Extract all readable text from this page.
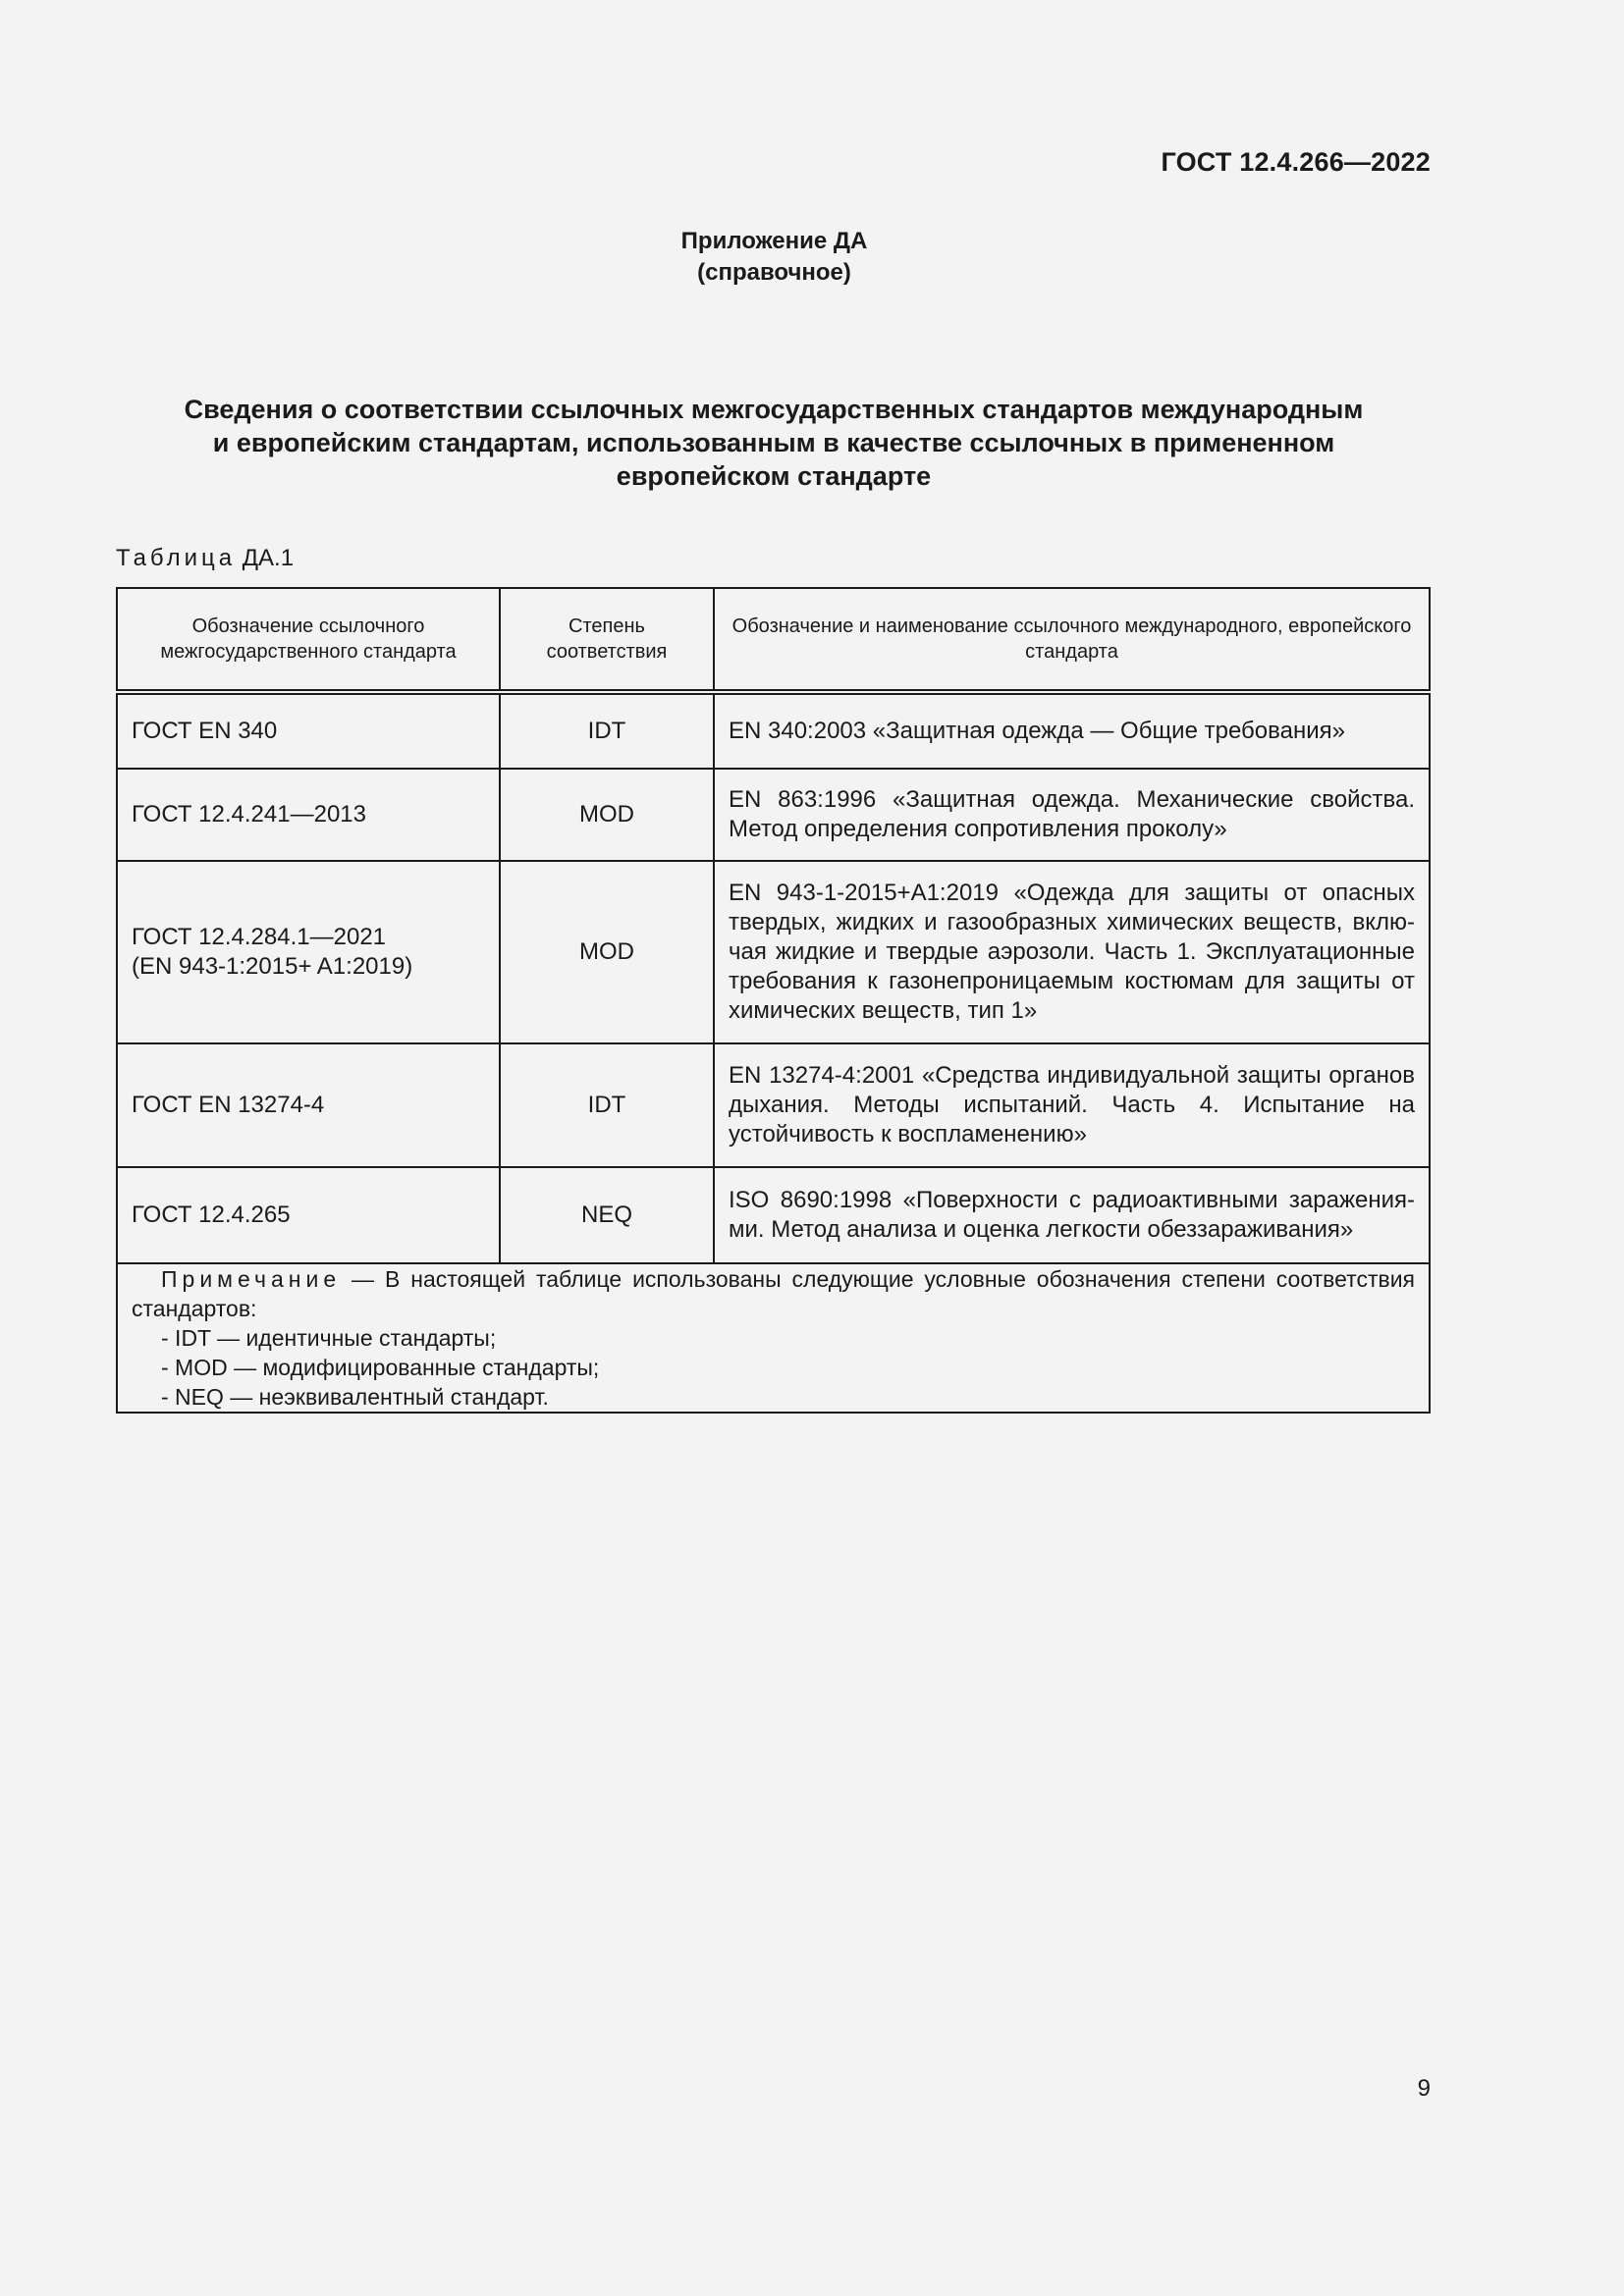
ГОСТ 12.4.266—2022
Приложение ДА
(справочное)
Сведения о соответствии ссылочных межгосударственных стандартов международным
и европейским стандартам, использованным в качестве ссылочных в примененном
европейском стандарте
Таблица ДА.1
Обозначение ссылочного межгосударственного стандарта	Степень соответствия	Обозначение и наименование ссылочного международного, европейского стандарта
ГОСТ EN 340	IDT	EN 340:2003 «Защитная одежда — Общие требования»
ГОСТ 12.4.241—2013	MOD	EN 863:1996 «Защитная одежда. Механические свойства. Метод определения сопротивления проколу»

ГОСТ 12.4.284.1—2021
(EN 943-1:2015+ A1:2019)	MOD	EN 943-1-2015+A1:2019 «Одежда для защиты от опасных твердых, жидких и газообразных химических веществ, включая жидкие и твердые аэрозоли. Часть 1. Эксплуатационные требования к газонепроницаемым костюмам для защиты от химических веществ, тип 1»
ГОСТ EN 13274-4	IDT	EN 13274-4:2001 «Средства индивидуальной защиты органов дыхания. Методы испытаний. Часть 4. Испытание на устойчивость к воспламенению»
ГОСТ 12.4.265	NEQ	ISO 8690:1998 «Поверхности с радиоактивными заражениями. Метод анализа и оценка легкости обеззараживания»

Примечание — В настоящей таблице использованы следующие условные обозначения степени соответствия стандартов:
- IDT — идентичные стандарты;
- MOD — модифицированные стандарты;
- NEQ — неэквивалентный стандарт.		
9
